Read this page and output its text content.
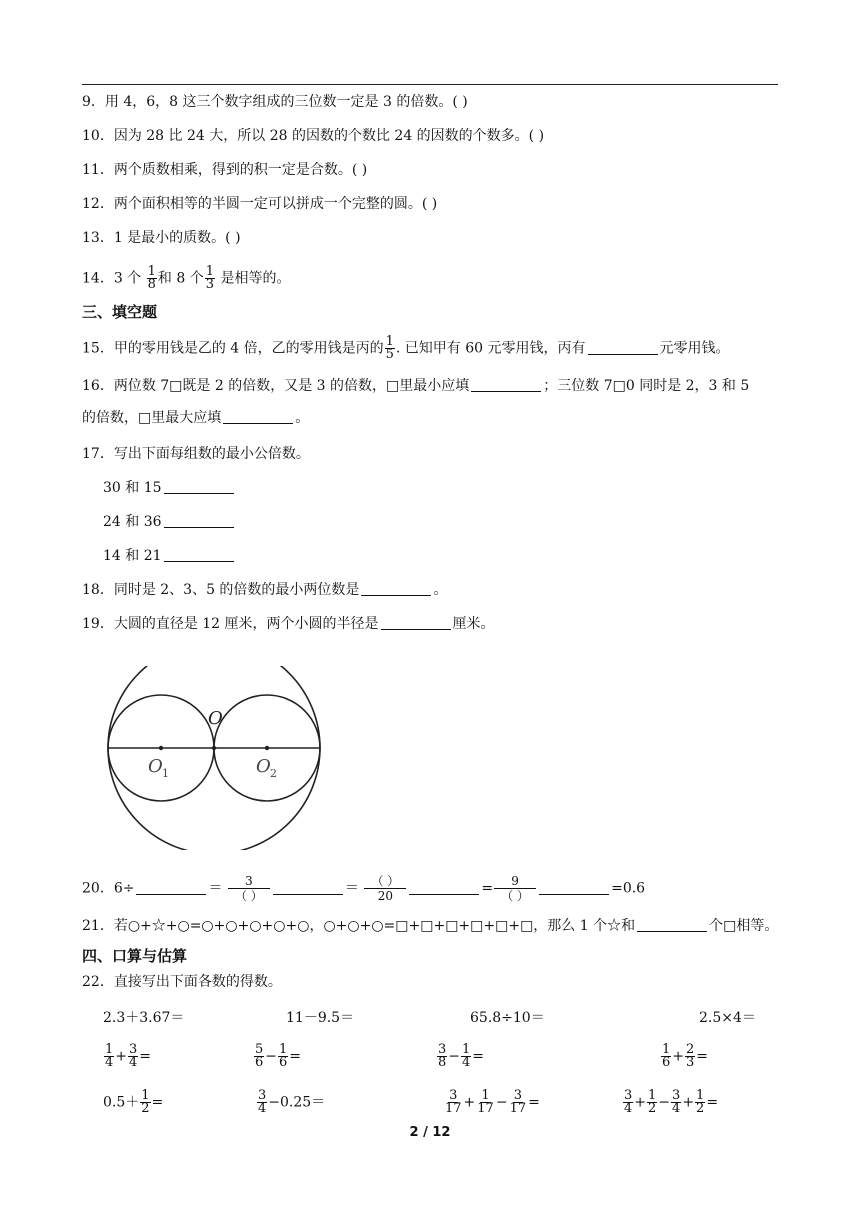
9．用 4，6，8 这三个数字组成的三位数一定是 3 的倍数。( )
10．因为 28 比 24 大，所以 28 的因数的个数比 24 的因数的个数多。( )
11．两个质数相乘，得到的积一定是合数。( )
12．两个面积相等的半圆一定可以拼成一个完整的圆。( )
13．1 是最小的质数。( )
14．3 个 $\frac{1}{8}$ 和 8 个 $\frac{1}{3}$ 是相等的。
三、填空题
15．甲的零用钱是乙的 4 倍，乙的零用钱是丙的 $\frac{1}{5}$ . 已知甲有 60 元零用钱，丙有	元零用钱。
16．两位数 7□既是 2 的倍数，又是 3 的倍数，□里最小应填	；三位数 7□0 同时是 2，3 和 5
的倍数，□里最大应填	。
17．写出下面每组数的最小公倍数。
30 和 15
24 和 36
14 和 21
18．同时是 2、3、5 的倍数的最小两位数是	。
19．大圆的直径是 12 厘米，两个小圆的半径是	厘米。
O
O 1	O 2
20．6÷	＝ $\frac{3}{( )}$	＝ $\frac{( )}{20}$	= $\frac{9}{( )}$	=0.6
21．若○+☆+○=○+○+○+○+○，○+○+○=□+□+□+□+□+□，那么 1 个☆和	个□相等。
四、口算与估算
22．直接写出下面各数的得数。
2.3＋3.67＝	11－9.5＝	65.8÷10＝	2.5×4＝
$\frac{1}{4} + \frac{3}{4}$ =	$\frac{5}{6} - \frac{1}{6}$ =	$\frac{3}{8} - \frac{1}{4}$ =	$\frac{1}{6} + \frac{2}{3}$ =
$0.5+ \frac{1}{2}$ =	$\frac{3}{4} -0.25=$	$\frac{3}{17} + \frac{1}{17} - \frac{3}{17}$ =	$\frac{3}{4} + \frac{1}{2} - \frac{3}{4} + \frac{1}{2}$ =
2 / 12
